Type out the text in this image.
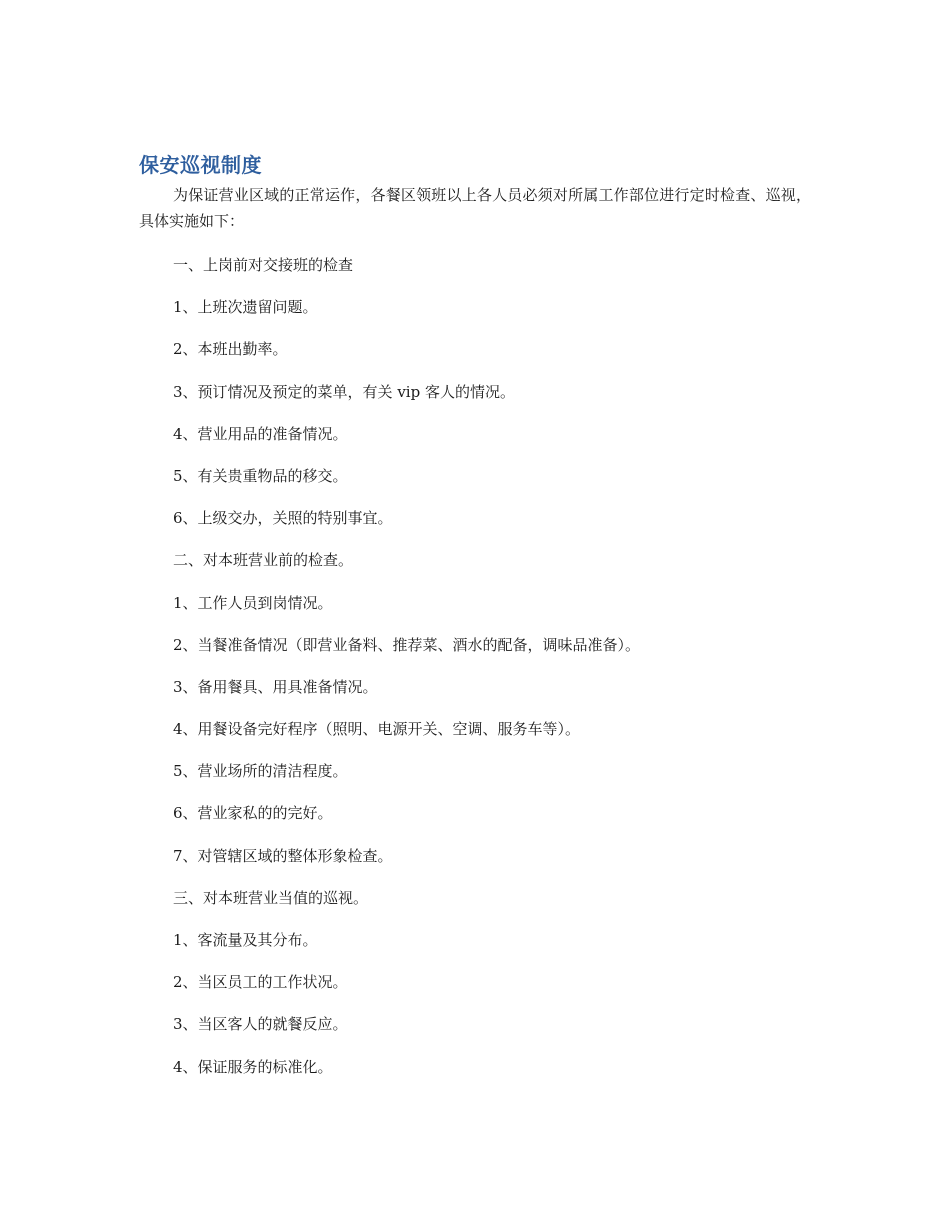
保安巡视制度

为保证营业区域的正常运作，各餐区领班以上各人员必须对所属工作部位进行定时检查、巡视，具体实施如下：

一、上岗前对交接班的检查
1、上班次遗留问题。
2、本班出勤率。
3、预订情况及预定的菜单，有关 vip 客人的情况。
4、营业用品的准备情况。
5、有关贵重物品的移交。
6、上级交办，关照的特别事宜。
二、对本班营业前的检查。
1、工作人员到岗情况。
2、当餐准备情况（即营业备料、推荐菜、酒水的配备，调味品准备）。
3、备用餐具、用具准备情况。
4、用餐设备完好程序（照明、电源开关、空调、服务车等）。
5、营业场所的清洁程度。
6、营业家私的的完好。
7、对管辖区域的整体形象检查。
三、对本班营业当值的巡视。
1、客流量及其分布。
2、当区员工的工作状况。
3、当区客人的就餐反应。
4、保证服务的标准化。
